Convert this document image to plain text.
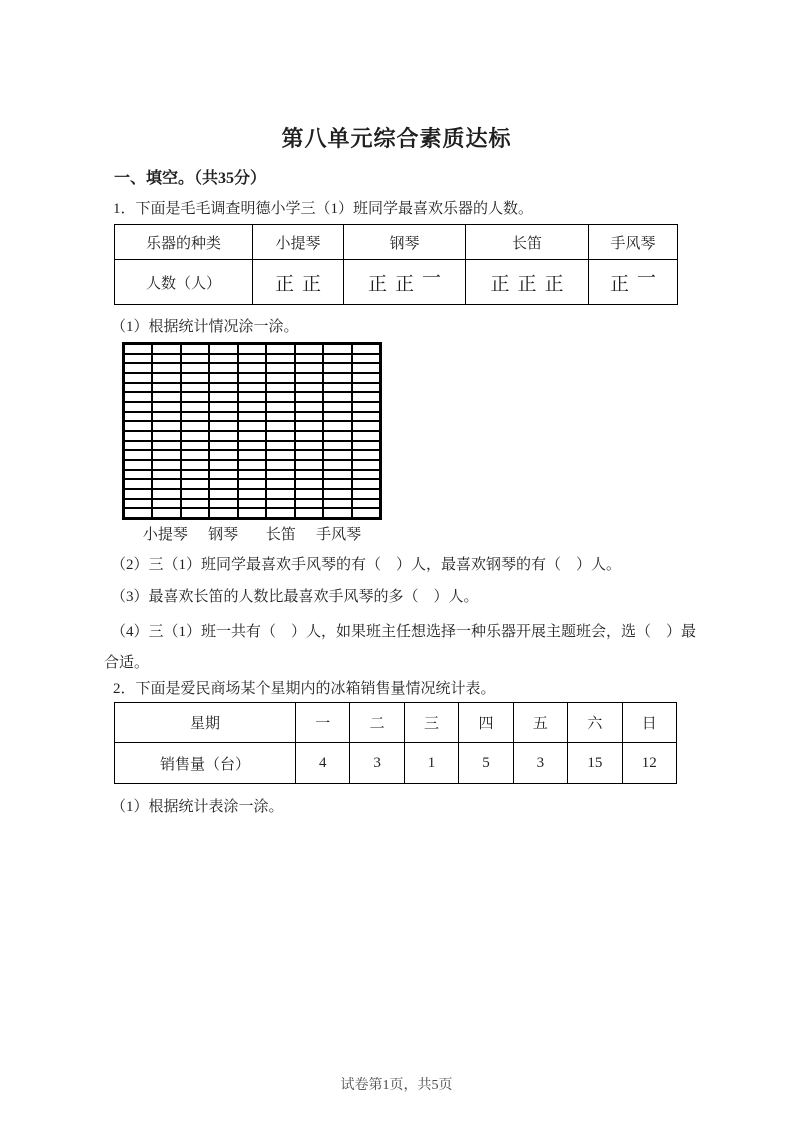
第八单元综合素质达标
一、填空。（共35分）
1．下面是毛毛调查明德小学三（1）班同学最喜欢乐器的人数。
乐器的种类	小提琴	钢琴	长笛	手风琴
人数（人）	正 正	正 正 一	正 正 正	正 一
（1）根据统计情况涂一涂。
小提琴 钢琴 长笛 手风琴
（2）三（1）班同学最喜欢手风琴的有（　）人，最喜欢钢琴的有（　）人。
（3）最喜欢长笛的人数比最喜欢手风琴的多（　）人。
（4）三（1）班一共有（　）人，如果班主任想选择一种乐器开展主题班会，选（　）最合适。
2．下面是爱民商场某个星期内的冰箱销售量情况统计表。
星期	一	二	三	四	五	六	日
销售量（台）	4	3	1	5	3	15	12
（1）根据统计表涂一涂。
试卷第1页，共5页
